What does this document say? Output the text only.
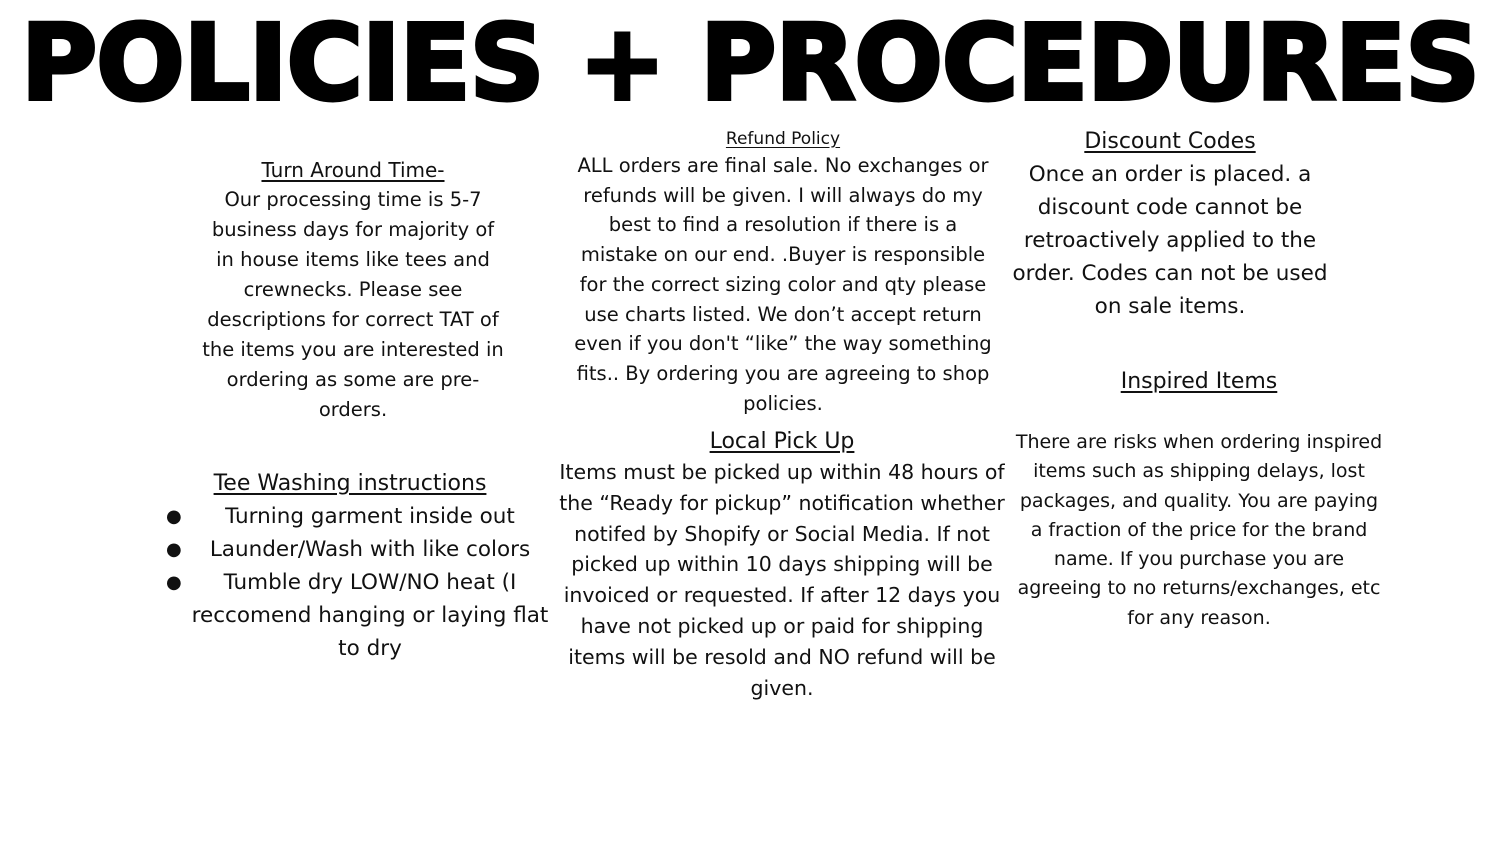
POLICIES + PROCEDURES

Turn Around Time-

Our processing time is 5-7 business days for majority of in house items like tees and crewnecks. Please see descriptions for correct TAT of the items you are interested in ordering as some are pre-orders.

Tee Washing instructions

● Turning garment inside out
● Launder/Wash with like colors
● Tumble dry LOW/NO heat (I reccomend hanging or laying flat to dry

Refund Policy

ALL orders are final sale. No exchanges or refunds will be given. I will always do my best to find a resolution if there is a mistake on our end. .Buyer is responsible for the correct sizing color and qty please use charts listed. We don’t accept return even if you don't “like” the way something fits.. By ordering you are agreeing to shop policies.

Local Pick Up

Items must be picked up within 48 hours of the “Ready for pickup” notification whether notifed by Shopify or Social Media. If not picked up within 10 days shipping will be invoiced or requested. If after 12 days you have not picked up or paid for shipping items will be resold and NO refund will be given.

Discount Codes

Once an order is placed. a discount code cannot be retroactively applied to the order. Codes can not be used on sale items.

Inspired Items

There are risks when ordering inspired items such as shipping delays, lost packages, and quality. You are paying a fraction of the price for the brand name. If you purchase you are agreeing to no returns/exchanges, etc for any reason.
